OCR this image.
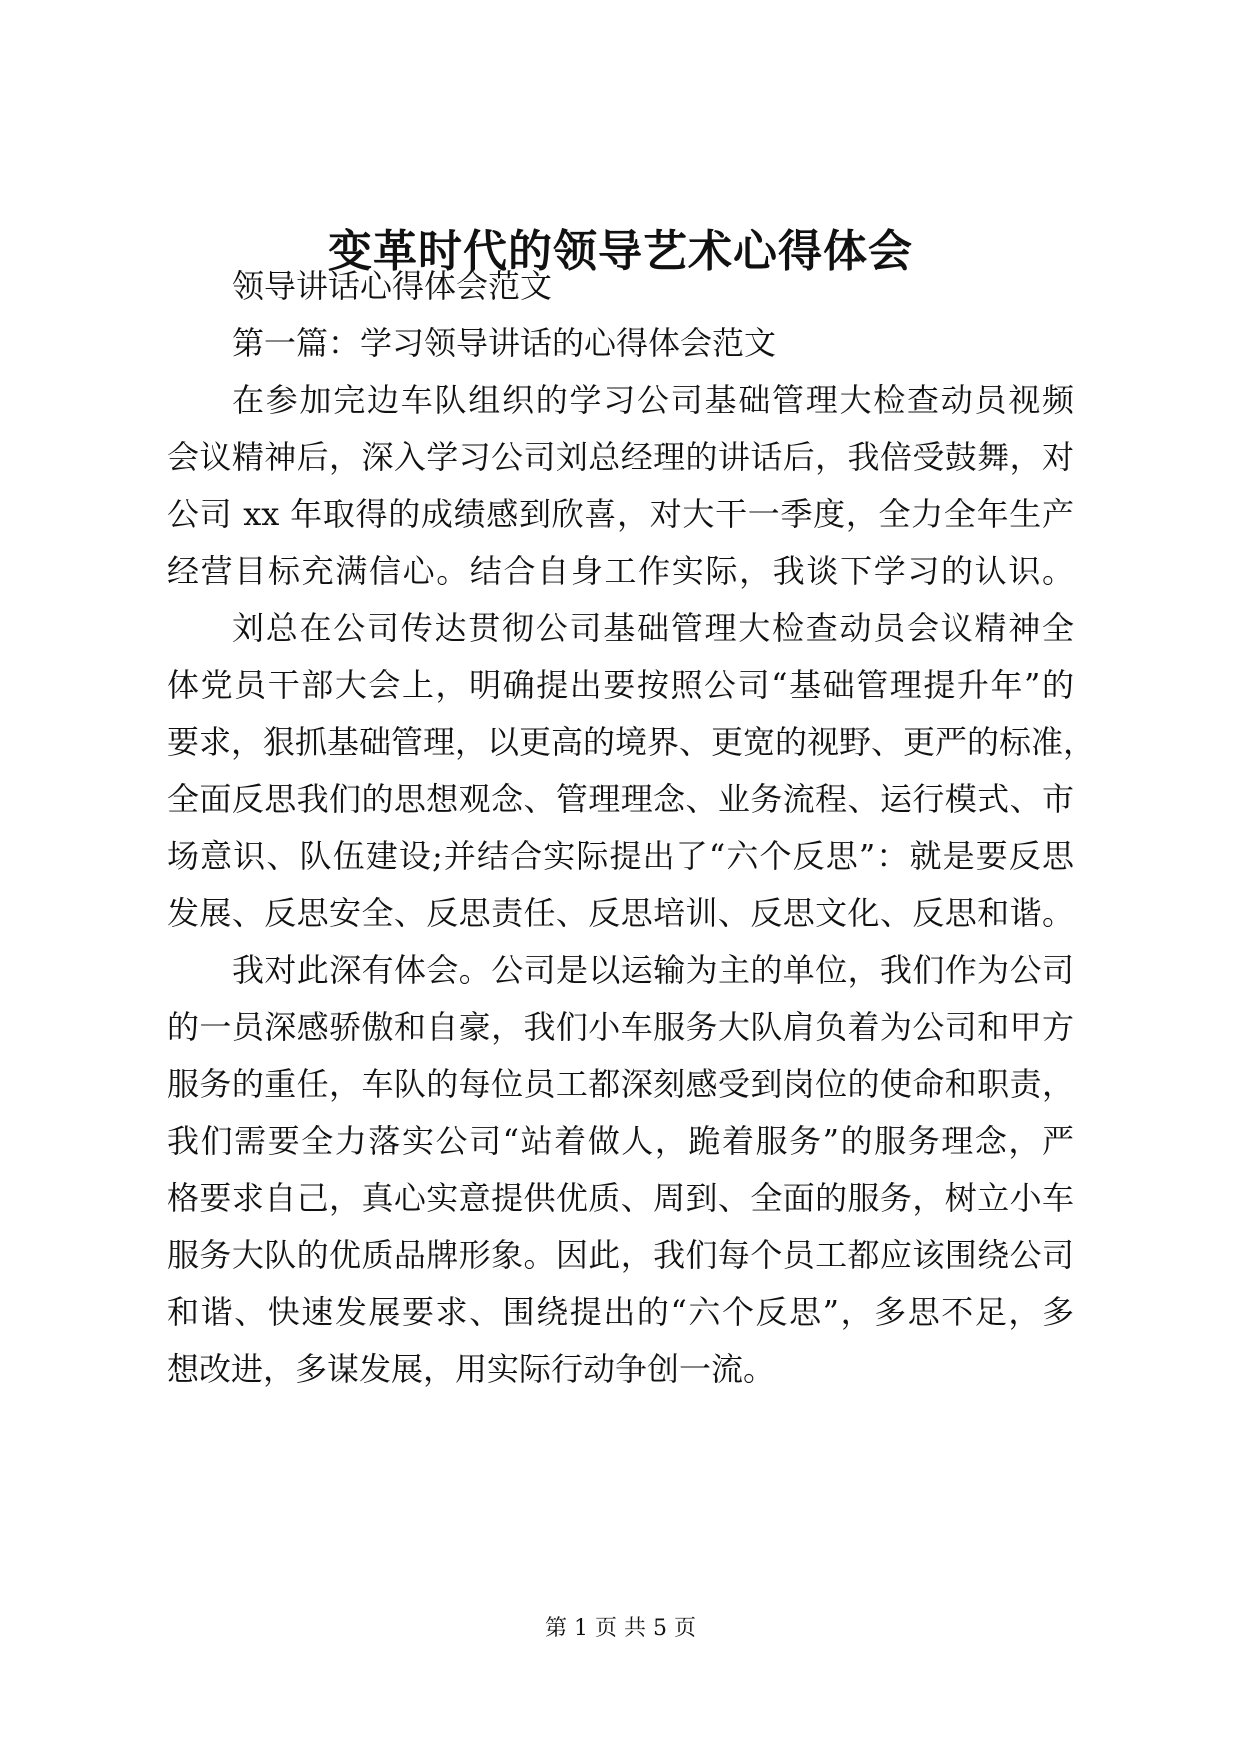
变革时代的领导艺术心得体会

领导讲话心得体会范文

第一篇：学习领导讲话的心得体会范文

在参加完边车队组织的学习公司基础管理大检查动员视频

会议精神后，深入学习公司刘总经理的讲话后，我倍受鼓舞，对

公司 xx 年取得的成绩感到欣喜，对大干一季度，全力全年生产

经营目标充满信心。结合自身工作实际，我谈下学习的认识。

刘总在公司传达贯彻公司基础管理大检查动员会议精神全

体党员干部大会上，明确提出要按照公司“基础管理提升年”的

要求，狠抓基础管理，以更高的境界、更宽的视野、更严的标准，

全面反思我们的思想观念、管理理念、业务流程、运行模式、市

场意识、队伍建设;并结合实际提出了“六个反思”：就是要反思

发展、反思安全、反思责任、反思培训、反思文化、反思和谐。

我对此深有体会。公司是以运输为主的单位，我们作为公司

的一员深感骄傲和自豪，我们小车服务大队肩负着为公司和甲方

服务的重任，车队的每位员工都深刻感受到岗位的使命和职责，

我们需要全力落实公司“站着做人，跪着服务”的服务理念，严

格要求自己，真心实意提供优质、周到、全面的服务，树立小车

服务大队的优质品牌形象。因此，我们每个员工都应该围绕公司

和谐、快速发展要求、围绕提出的“六个反思”，多思不足，多

想改进，多谋发展，用实际行动争创一流。

第 1 页 共 5 页
